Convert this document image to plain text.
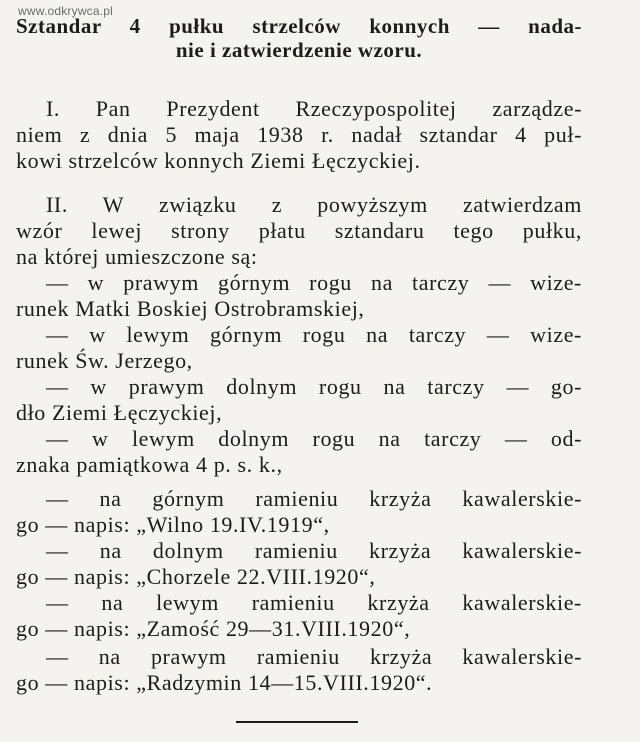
www.odkrywca.pl
Sztandar 4 pułku strzelców konnych — nada-
nie i zatwierdzenie wzoru.
I. Pan Prezydent Rzeczypospolitej zarządze-
niem z dnia 5 maja 1938 r. nadał sztandar 4 puł-
kowi strzelców konnych Ziemi Łęczyckiej.
II. W związku z powyższym zatwierdzam
wzór lewej strony płatu sztandaru tego pułku,
na której umieszczone są:
— w prawym górnym rogu na tarczy — wize-
runek Matki Boskiej Ostrobramskiej,
— w lewym górnym rogu na tarczy — wize-
runek Św. Jerzego,
— w prawym dolnym rogu na tarczy — go-
dło Ziemi Łęczyckiej,
— w lewym dolnym rogu na tarczy — od-
znaka pamiątkowa 4 p. s. k.,
— na górnym ramieniu krzyża kawalerskie-
go — napis: „Wilno 19.IV.1919“,
— na dolnym ramieniu krzyża kawalerskie-
go — napis: „Chorzele 22.VIII.1920“,
— na lewym ramieniu krzyża kawalerskie-
go — napis: „Zamość 29—31.VIII.1920“,
— na prawym ramieniu krzyża kawalerskie-
go — napis: „Radzymin 14—15.VIII.1920“.
